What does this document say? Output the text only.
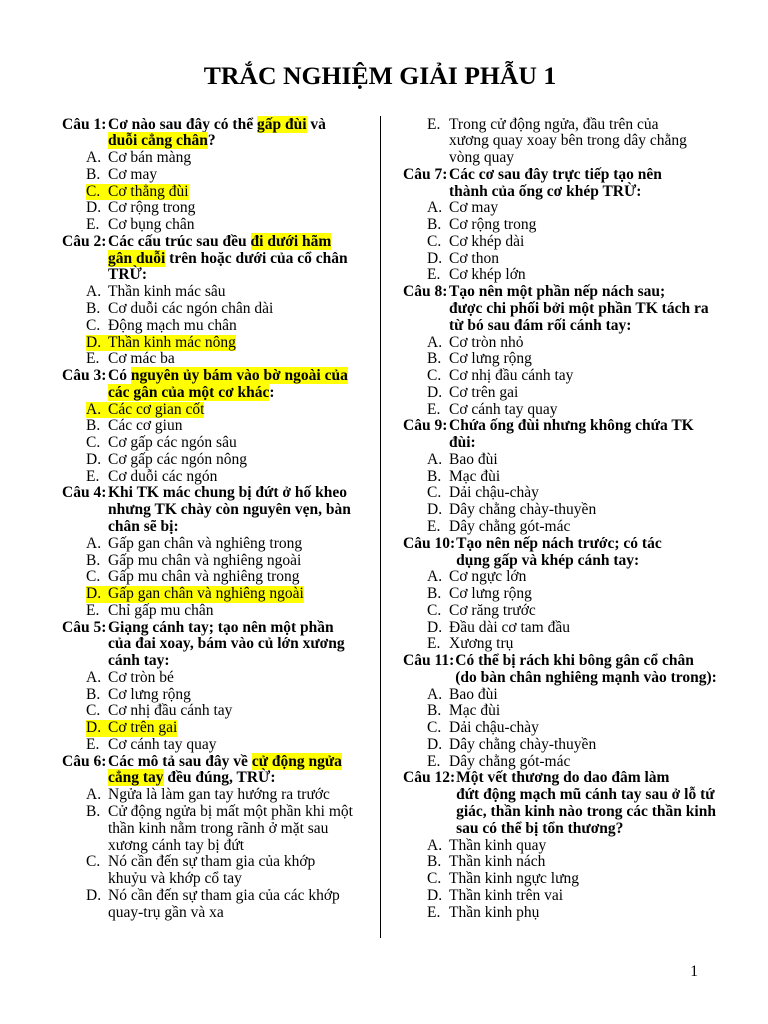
TRẮC NGHIỆM GIẢI PHẪU 1
Câu 1: Cơ nào sau đây có thể gấp đùi và
duỗi cẳng chân?
A. Cơ bán màng
B. Cơ may
C. Cơ thẳng đùi
D. Cơ rộng trong
E. Cơ bụng chân
Câu 2: Các cấu trúc sau đều đi dưới hãm
gân duỗi trên hoặc dưới của cổ chân
TRỪ:
A. Thần kinh mác sâu
B. Cơ duỗi các ngón chân dài
C. Động mạch mu chân
D. Thần kinh mác nông
E. Cơ mác ba
Câu 3: Có nguyên ủy bám vào bờ ngoài của
các gân của một cơ khác:
A. Các cơ gian cốt
B. Các cơ giun
C. Cơ gấp các ngón sâu
D. Cơ gấp các ngón nông
E. Cơ duỗi các ngón
Câu 4: Khi TK mác chung bị đứt ở hố kheo
nhưng TK chày còn nguyên vẹn, bàn
chân sẽ bị:
A. Gấp gan chân và nghiêng trong
B. Gấp mu chân và nghiêng ngoài
C. Gấp mu chân và nghiêng trong
D. Gấp gan chân và nghiêng ngoài
E. Chỉ gấp mu chân
Câu 5: Giạng cánh tay; tạo nên một phần
của đai xoay, bám vào củ lớn xương
cánh tay:
A. Cơ tròn bé
B. Cơ lưng rộng
C. Cơ nhị đầu cánh tay
D. Cơ trên gai
E. Cơ cánh tay quay
Câu 6: Các mô tả sau đây về cử động ngửa
cẳng tay đều đúng, TRỪ:
A. Ngửa là làm gan tay hướng ra trước
B. Cử động ngửa bị mất một phần khi một
thần kinh nằm trong rãnh ở mặt sau
xương cánh tay bị đứt
C. Nó cần đến sự tham gia của khớp
khuỷu và khớp cổ tay
D. Nó cần đến sự tham gia của các khớp
quay-trụ gần và xa
E. Trong cử động ngửa, đầu trên của
xương quay xoay bên trong dây chằng
vòng quay
Câu 7: Các cơ sau đây trực tiếp tạo nên
thành của ống cơ khép TRỪ:
A. Cơ may
B. Cơ rộng trong
C. Cơ khép dài
D. Cơ thon
E. Cơ khép lớn
Câu 8: Tạo nên một phần nếp nách sau;
được chi phối bởi một phần TK tách ra
từ bó sau đám rối cánh tay:
A. Cơ tròn nhỏ
B. Cơ lưng rộng
C. Cơ nhị đầu cánh tay
D. Cơ trên gai
E. Cơ cánh tay quay
Câu 9: Chứa ống đùi nhưng không chứa TK
đùi:
A. Bao đùi
B. Mạc đùi
C. Dải chậu-chày
D. Dây chằng chày-thuyền
E. Dây chằng gót-mác
Câu 10: Tạo nên nếp nách trước; có tác
dụng gấp và khép cánh tay:
A. Cơ ngực lớn
B. Cơ lưng rộng
C. Cơ răng trước
D. Đầu dài cơ tam đầu
E. Xương trụ
Câu 11: Có thể bị rách khi bông gân cổ chân
(do bàn chân nghiêng mạnh vào trong):
A. Bao đùi
B. Mạc đùi
C. Dải chậu-chày
D. Dây chằng chày-thuyền
E. Dây chằng gót-mác
Câu 12: Một vết thương do dao đâm làm
đứt động mạch mũ cánh tay sau ở lỗ tứ
giác, thần kinh nào trong các thần kinh
sau có thể bị tổn thương?
A. Thần kinh quay
B. Thần kinh nách
C. Thần kinh ngực lưng
D. Thần kinh trên vai
E. Thần kinh phụ
1
